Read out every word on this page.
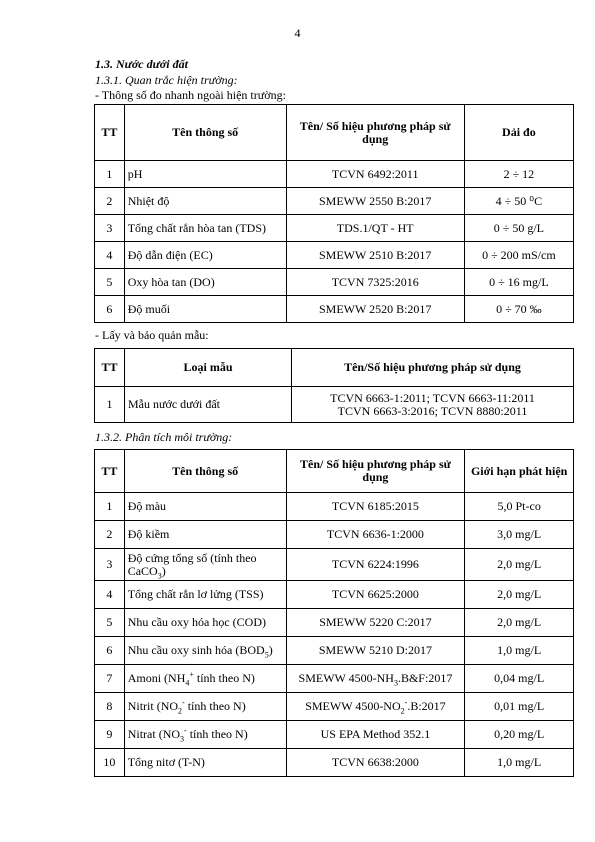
4
1.3. Nước dưới đất
1.3.1. Quan trắc hiện trường:
- Thông số đo nhanh ngoài hiện trường:
TT	Tên thông số	Tên/ Số hiệu phương pháp sử dụng	Dải đo
1	pH	TCVN 6492:2011	2 ÷ 12
2	Nhiệt độ	SMEWW 2550 B:2017	4 ÷ 50 ⁰C
3	Tổng chất rắn hòa tan (TDS)	TDS.1/QT - HT	0 ÷ 50 g/L
4	Độ dẫn điện (EC)	SMEWW 2510 B:2017	0 ÷ 200 mS/cm
5	Oxy hòa tan (DO)	TCVN 7325:2016	0 ÷ 16 mg/L
6	Độ muối	SMEWW 2520 B:2017	0 ÷ 70 ‰
- Lấy và bảo quản mẫu:
TT	Loại mẫu	Tên/Số hiệu phương pháp sử dụng
1	Mẫu nước dưới đất	TCVN 6663-1:2011; TCVN 6663-11:2011
TCVN 6663-3:2016; TCVN 8880:2011
1.3.2. Phân tích môi trường:
TT	Tên thông số	Tên/ Số hiệu phương pháp sử dụng	Giới hạn phát hiện
1	Độ màu	TCVN 6185:2015	5,0 Pt-co
2	Độ kiềm	TCVN 6636-1:2000	3,0 mg/L
3	Độ cứng tổng số (tính theo
CaCO$_3$)	TCVN 6224:1996	2,0 mg/L
4	Tổng chất rắn lơ lửng (TSS)	TCVN 6625:2000	2,0 mg/L
5	Nhu cầu oxy hóa học (COD)	SMEWW 5220 C:2017	2,0 mg/L
6	Nhu cầu oxy sinh hóa $(BOD_5)$	SMEWW 5210 D:2017	1,0 mg/L
7	Amoni ($NH_4^+$ tính theo N)	SMEWW $4500-NH_3.B\&F:2017$	0,04 mg/L
8	Nitrit ($NO_2^-$ tính theo N)	SMEWW $4500-NO_2^-.B:2017$	0,01 mg/L
9	Nitrat ($NO_3^-$ tính theo N)	US EPA Method 352.1	0,20 mg/L
10	Tổng nitơ (T-N)	TCVN 6638:2000	1,0 mg/L
